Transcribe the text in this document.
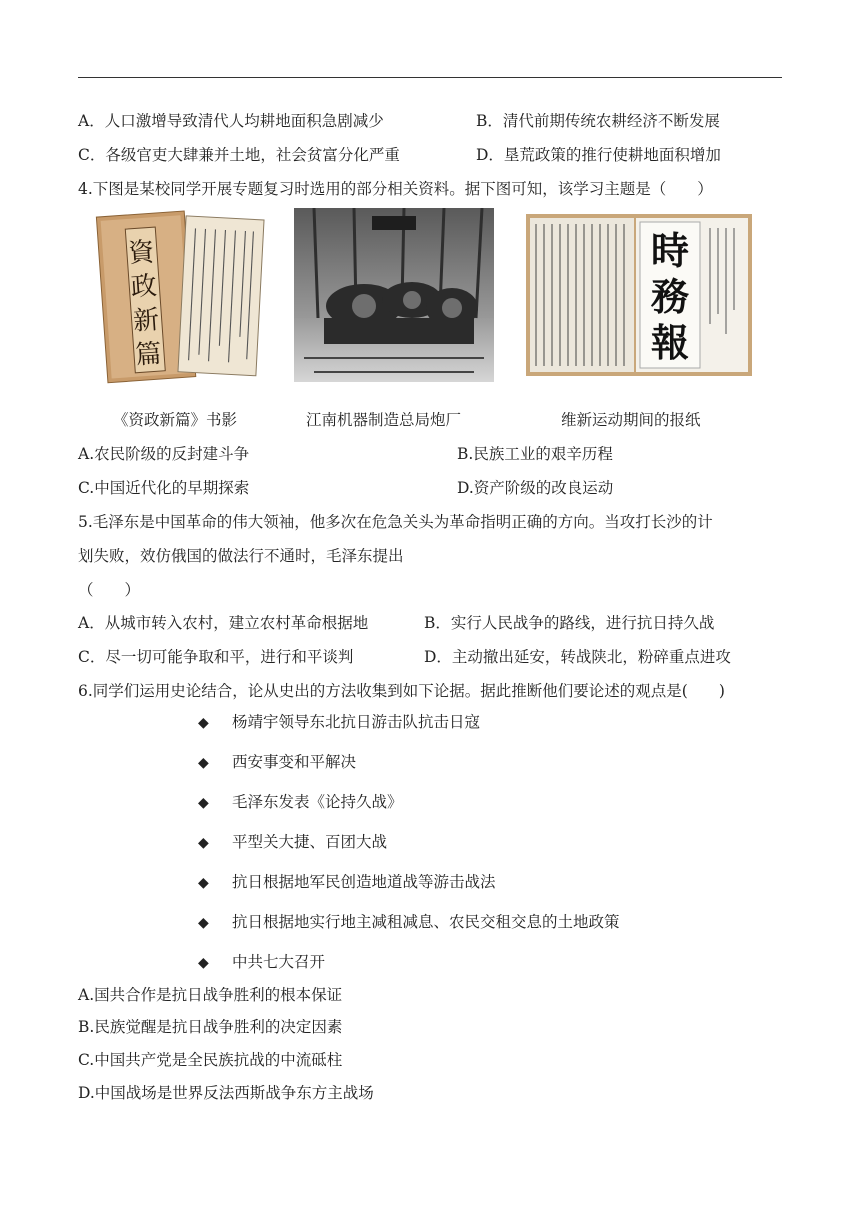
A．人口激增导致清代人均耕地面积急剧减少	B．清代前期传统农耕经济不断发展
C．各级官吏大肆兼并土地，社会贫富分化严重	D．垦荒政策的推行使耕地面积增加
4.下图是某校同学开展专题复习时选用的部分相关资料。据下图可知，该学习主题是（　　）
資
政
新
篇
時
務
報
《资政新篇》书影	江南机器制造总局炮厂	维新运动期间的报纸
A.农民阶级的反封建斗争	B.民族工业的艰辛历程
C.中国近代化的早期探索	D.资产阶级的改良运动
5.毛泽东是中国革命的伟大领袖，他多次在危急关头为革命指明正确的方向。当攻打长沙的计
划失败，效仿俄国的做法行不通时，毛泽东提出
（　　）
A．从城市转入农村，建立农村革命根据地	B．实行人民战争的路线，进行抗日持久战
C．尽一切可能争取和平，进行和平谈判	D．主动撤出延安，转战陕北，粉碎重点进攻
6.同学们运用史论结合，论从史出的方法收集到如下论据。据此推断他们要论述的观点是(　　)
◆ 杨靖宇领导东北抗日游击队抗击日寇
◆ 西安事变和平解决
◆ 毛泽东发表《论持久战》
◆ 平型关大捷、百团大战
◆ 抗日根据地军民创造地道战等游击战法
◆ 抗日根据地实行地主减租减息、农民交租交息的土地政策
◆ 中共七大召开
A.国共合作是抗日战争胜利的根本保证
B.民族觉醒是抗日战争胜利的决定因素
C.中国共产党是全民族抗战的中流砥柱
D.中国战场是世界反法西斯战争东方主战场
